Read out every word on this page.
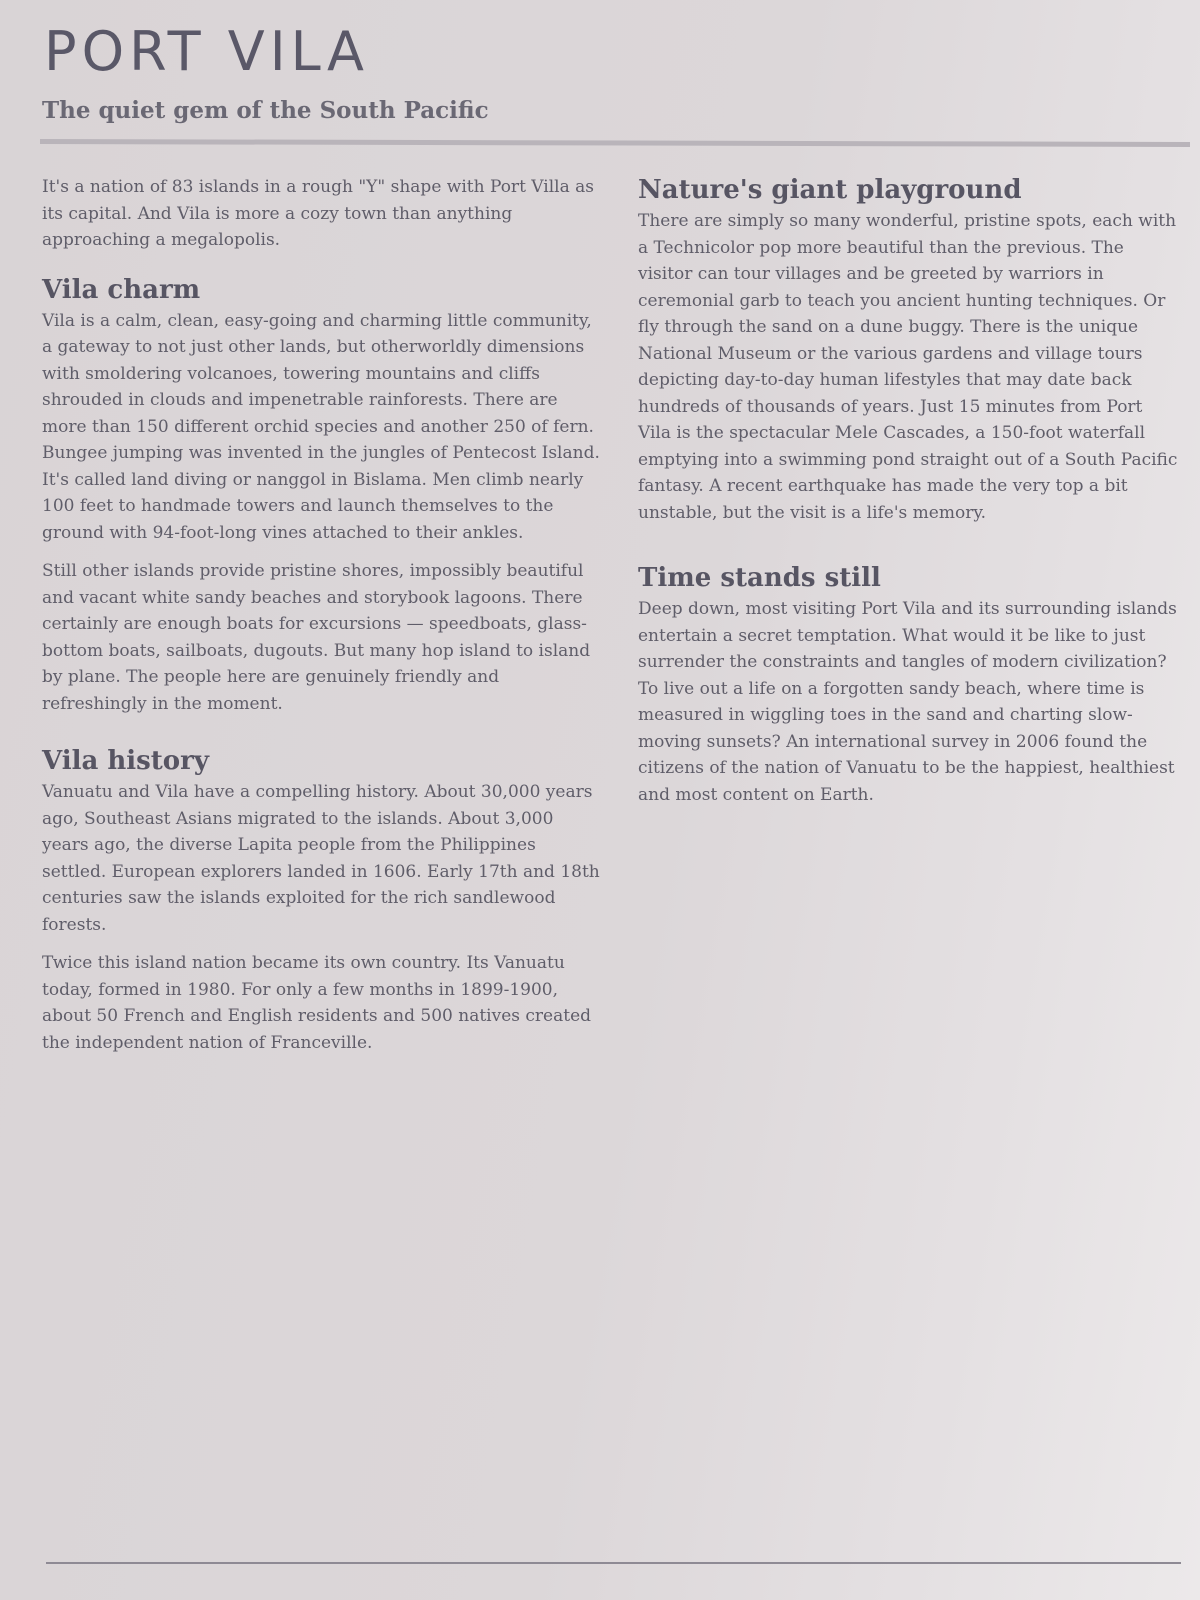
PORT VILA
The quiet gem of the South Pacific

It's a nation of 83 islands in a rough "Y" shape with Port Villa as its capital. And Vila is more a cozy town than anything approaching a megalopolis.

Vila charm

Vila is a calm, clean, easy-going and charming little community, a gateway to not just other lands, but otherworldly dimensions with smoldering volcanoes, towering mountains and cliffs shrouded in clouds and impenetrable rainforests. There are more than 150 different orchid species and another 250 of fern. Bungee jumping was invented in the jungles of Pentecost Island. It's called land diving or nanggol in Bislama. Men climb nearly 100 feet to handmade towers and launch themselves to the ground with 94-foot-long vines attached to their ankles.

Still other islands provide pristine shores, impossibly beautiful and vacant white sandy beaches and storybook lagoons. There certainly are enough boats for excursions — speedboats, glass-bottom boats, sailboats, dugouts. But many hop island to island by plane. The people here are genuinely friendly and refreshingly in the moment.

Vila history

Vanuatu and Vila have a compelling history. About 30,000 years ago, Southeast Asians migrated to the islands. About 3,000 years ago, the diverse Lapita people from the Philippines settled. European explorers landed in 1606. Early 17th and 18th centuries saw the islands exploited for the rich sandlewood forests.

Twice this island nation became its own country. Its Vanuatu today, formed in 1980. For only a few months in 1899-1900, about 50 French and English residents and 500 natives created the independent nation of Franceville.

Nature's giant playground

There are simply so many wonderful, pristine spots, each with a Technicolor pop more beautiful than the previous. The visitor can tour villages and be greeted by warriors in ceremonial garb to teach you ancient hunting techniques. Or fly through the sand on a dune buggy. There is the unique National Museum or the various gardens and village tours depicting day-to-day human lifestyles that may date back hundreds of thousands of years. Just 15 minutes from Port Vila is the spectacular Mele Cascades, a 150-foot waterfall emptying into a swimming pond straight out of a South Pacific fantasy. A recent earthquake has made the very top a bit unstable, but the visit is a life's memory.

Time stands still

Deep down, most visiting Port Vila and its surrounding islands entertain a secret temptation. What would it be like to just surrender the constraints and tangles of modern civilization? To live out a life on a forgotten sandy beach, where time is measured in wiggling toes in the sand and charting slow-moving sunsets? An international survey in 2006 found the citizens of the nation of Vanuatu to be the happiest, healthiest and most content on Earth.
